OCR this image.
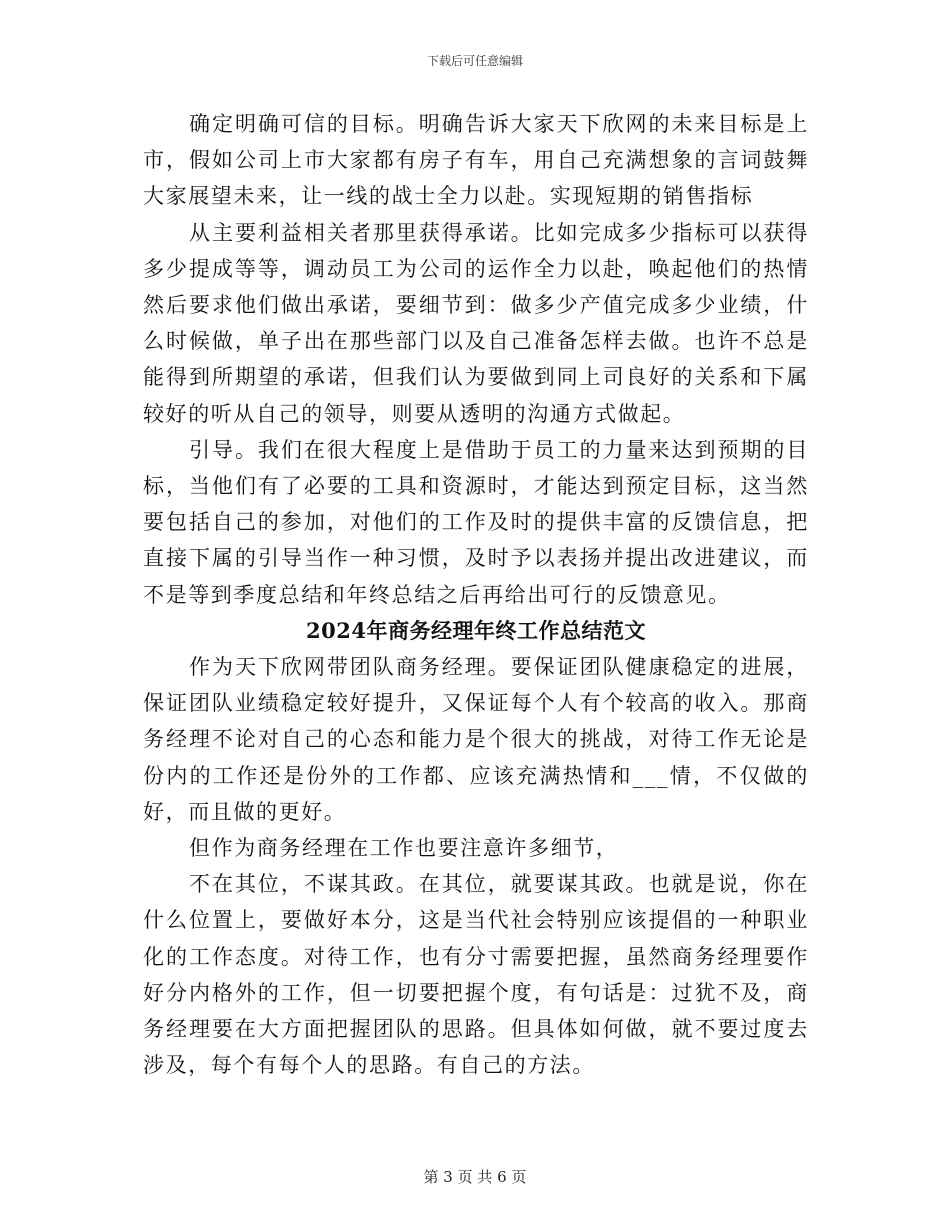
下载后可任意编辑

确定明确可信的目标。明确告诉大家天下欣网的未来目标是上市，假如公司上市大家都有房子有车，用自己充满想象的言词鼓舞大家展望未来，让一线的战士全力以赴。实现短期的销售指标

从主要利益相关者那里获得承诺。比如完成多少指标可以获得多少提成等等，调动员工为公司的运作全力以赴，唤起他们的热情然后要求他们做出承诺，要细节到：做多少产值完成多少业绩，什么时候做，单子出在那些部门以及自己准备怎样去做。也许不总是能得到所期望的承诺，但我们认为要做到同上司良好的关系和下属较好的听从自己的领导，则要从透明的沟通方式做起。

引导。我们在很大程度上是借助于员工的力量来达到预期的目标，当他们有了必要的工具和资源时，才能达到预定目标，这当然要包括自己的参加，对他们的工作及时的提供丰富的反馈信息，把直接下属的引导当作一种习惯，及时予以表扬并提出改进建议，而不是等到季度总结和年终总结之后再给出可行的反馈意见。

2024年商务经理年终工作总结范文

作为天下欣网带团队商务经理。要保证团队健康稳定的进展，保证团队业绩稳定较好提升，又保证每个人有个较高的收入。那商务经理不论对自己的心态和能力是个很大的挑战，对待工作无论是份内的工作还是份外的工作都、应该充满热情和___情，不仅做的好，而且做的更好。

但作为商务经理在工作也要注意许多细节，

不在其位，不谋其政。在其位，就要谋其政。也就是说，你在什么位置上，要做好本分，这是当代社会特别应该提倡的一种职业化的工作态度。对待工作，也有分寸需要把握，虽然商务经理要作好分内格外的工作，但一切要把握个度，有句话是：过犹不及，商务经理要在大方面把握团队的思路。但具体如何做，就不要过度去涉及，每个有每个人的思路。有自己的方法。

第 3 页 共 6 页
